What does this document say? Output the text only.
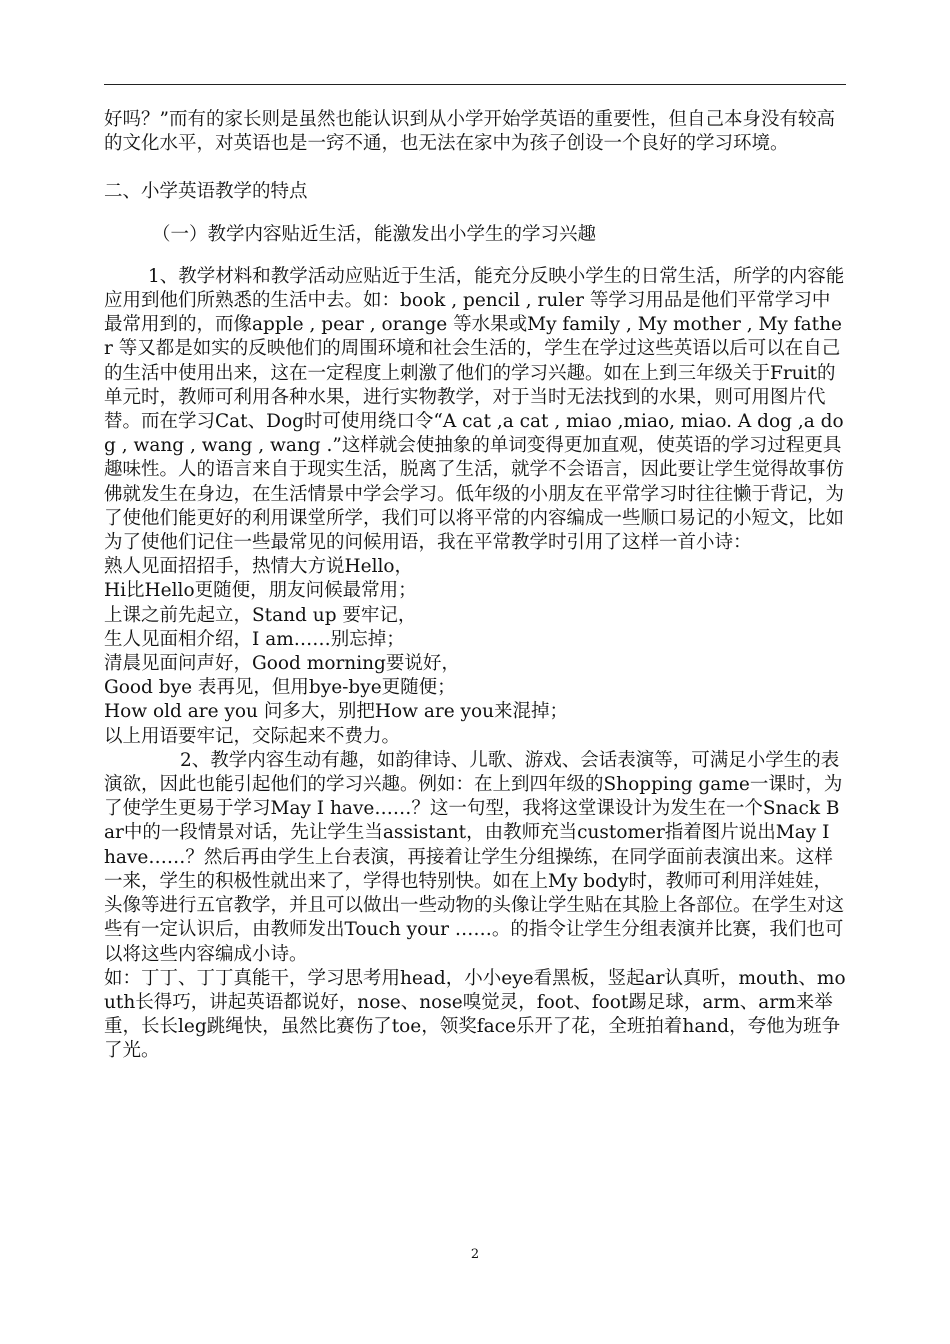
好吗？”而有的家长则是虽然也能认识到从小学开始学英语的重要性，但自己本身没有较高的文化水平，对英语也是一窍不通，也无法在家中为孩子创设一个良好的学习环境。

二、小学英语教学的特点

（一）教学内容贴近生活，能激发出小学生的学习兴趣

1、教学材料和教学活动应贴近于生活，能充分反映小学生的日常生活，所学的内容能应用到他们所熟悉的生活中去。如：book , pencil , ruler 等学习用品是他们平常学习中最常用到的，而像apple , pear , orange 等水果或My family , My mother , My father 等又都是如实的反映他们的周围环境和社会生活的，学生在学过这些英语以后可以在自己的生活中使用出来，这在一定程度上刺激了他们的学习兴趣。如在上到三年级关于Fruit的单元时，教师可利用各种水果，进行实物教学，对于当时无法找到的水果，则可用图片代替。而在学习Cat、Dog时可使用绕口令“A cat ,a cat , miao ,miao, miao. A dog ,a dog , wang , wang , wang .”这样就会使抽象的单词变得更加直观，使英语的学习过程更具趣味性。人的语言来自于现实生活，脱离了生活，就学不会语言，因此要让学生觉得故事仿佛就发生在身边，在生活情景中学会学习。低年级的小朋友在平常学习时往往懒于背记，为了使他们能更好的利用课堂所学，我们可以将平常的内容编成一些顺口易记的小短文，比如为了使他们记住一些最常见的问候用语，我在平常教学时引用了这样一首小诗：

熟人见面招招手，热情大方说Hello，

Hi比Hello更随便，朋友问候最常用；

上课之前先起立，Stand up 要牢记，

生人见面相介绍，I am……别忘掉；

清晨见面问声好，Good morning要说好，

Good bye 表再见，但用bye-bye更随便；

How old are you 问多大，别把How are you来混掉；

以上用语要牢记，交际起来不费力。

2、教学内容生动有趣，如韵律诗、儿歌、游戏、会话表演等，可满足小学生的表演欲，因此也能引起他们的学习兴趣。例如：在上到四年级的Shopping game一课时，为了使学生更易于学习May I have……？这一句型，我将这堂课设计为发生在一个Snack Bar中的一段情景对话，先让学生当assistant，由教师充当customer指着图片说出May I have……？然后再由学生上台表演，再接着让学生分组操练，在同学面前表演出来。这样一来，学生的积极性就出来了，学得也特别快。如在上My body时，教师可利用洋娃娃，头像等进行五官教学，并且可以做出一些动物的头像让学生贴在其脸上各部位。在学生对这些有一定认识后，由教师发出Touch your ……。的指令让学生分组表演并比赛，我们也可以将这些内容编成小诗。

如：丁丁、丁丁真能干，学习思考用head，小小eye看黑板，竖起ar认真听，mouth、mouth长得巧，讲起英语都说好，nose、nose嗅觉灵，foot、foot踢足球，arm、arm来举重，长长leg跳绳快，虽然比赛伤了toe，领奖face乐开了花，全班拍着hand，夸他为班争了光。

2
